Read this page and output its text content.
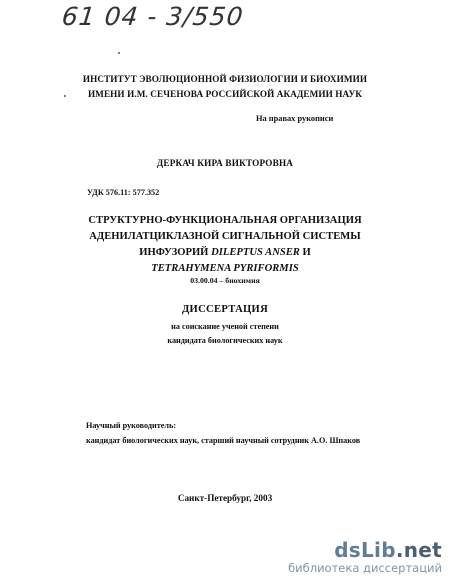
61 04 - 3/550
ИНСТИТУТ ЭВОЛЮЦИОННОЙ ФИЗИОЛОГИИ И БИОХИМИИ
ИМЕНИ И.М. СЕЧЕНОВА РОССИЙСКОЙ АКАДЕМИИ НАУК
На правах рукописи
ДЕРКАЧ КИРА ВИКТОРОВНА
УДК 576.11: 577.352
СТРУКТУРНО-ФУНКЦИОНАЛЬНАЯ ОРГАНИЗАЦИЯ
АДЕНИЛАТЦИКЛАЗНОЙ СИГНАЛЬНОЙ СИСТЕМЫ
ИНФУЗОРИЙ DILEPTUS ANSER И
TETRAHYMENA PYRIFORMIS
03.00.04 – биохимия
ДИССЕРТАЦИЯ
на соискание ученой степени
кандидата биологических наук
Научный руководитель:
кандидат биологических наук, старший научный сотрудник А.О. Шпаков
Санкт-Петербург, 2003
dsLib.net
библиотека диссертаций
